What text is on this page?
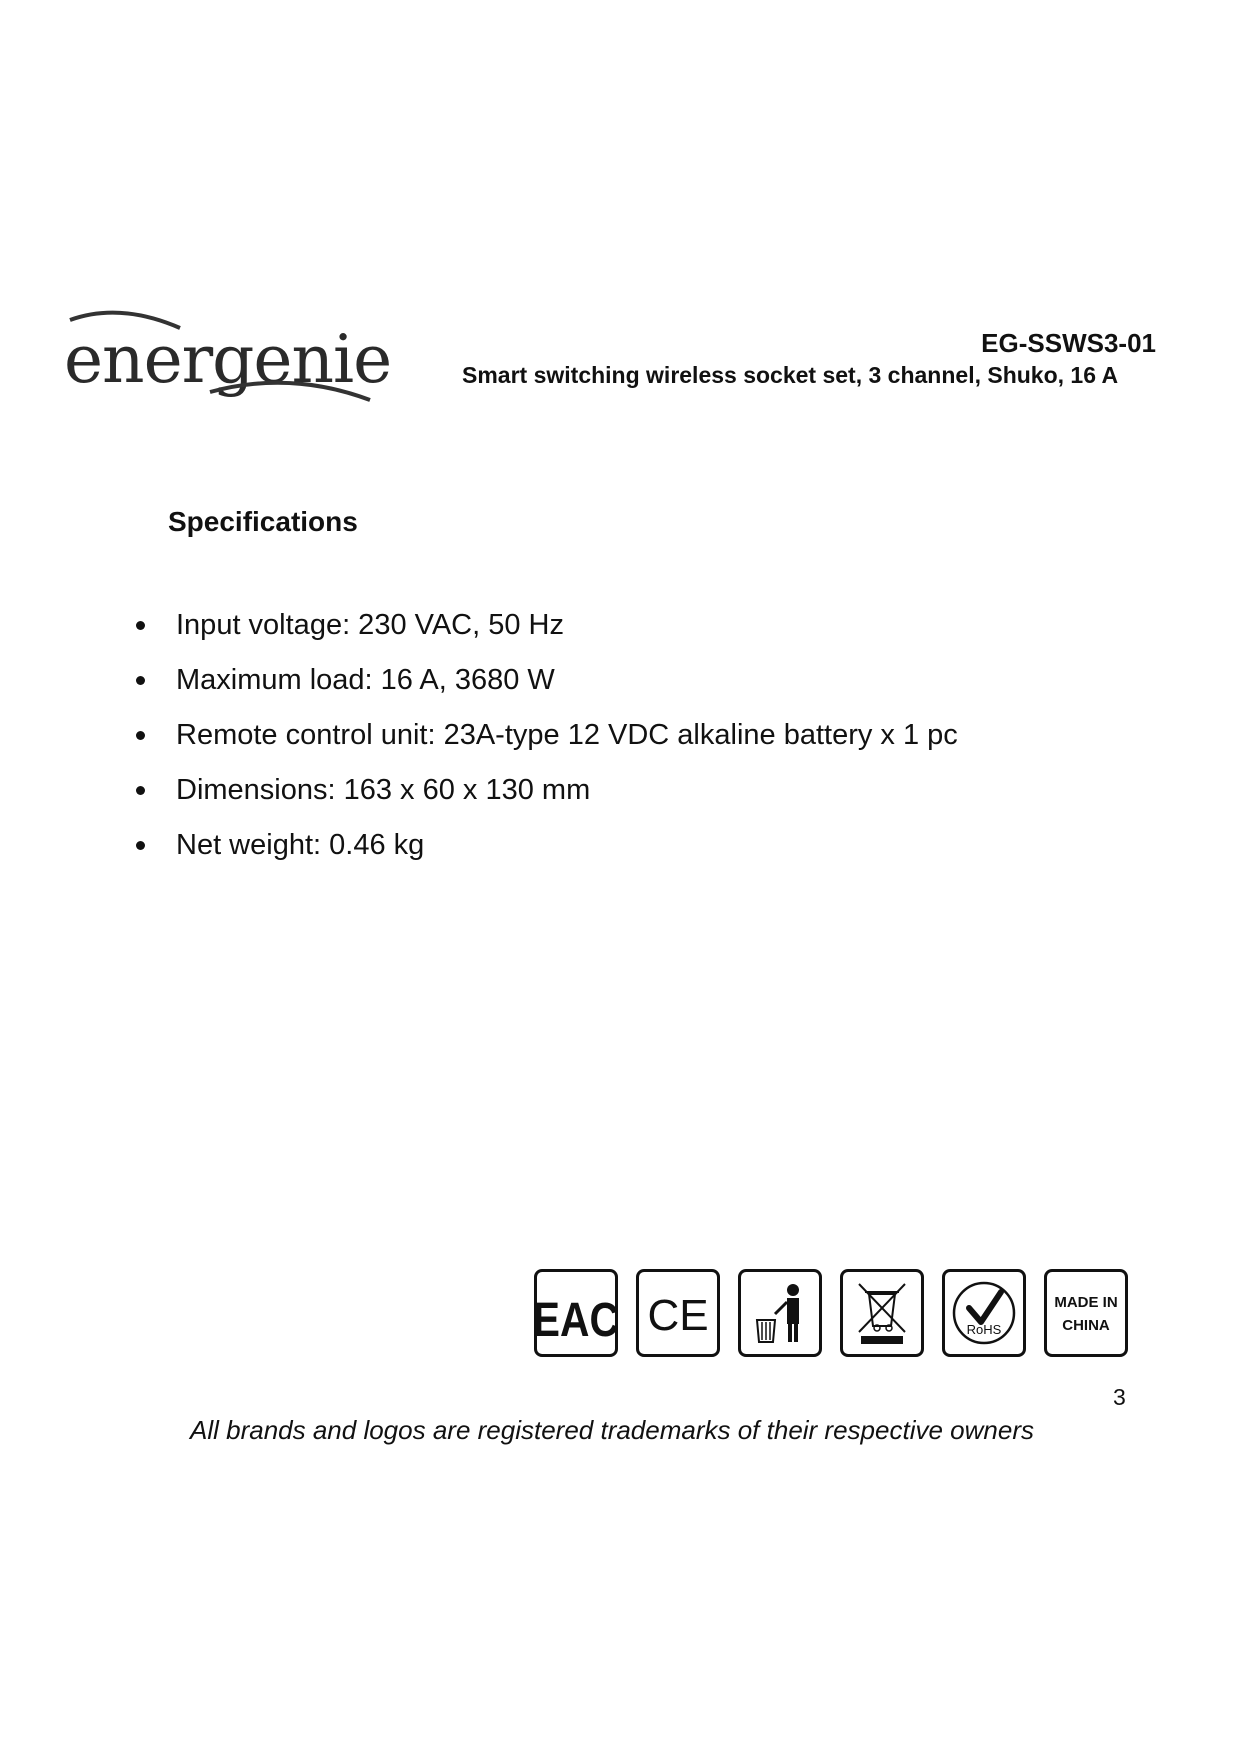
energenie	EG-SSWS3-01
Smart switching wireless socket set, 3 channel, Shuko, 16 A
Specifications
Input voltage: 230 VAC, 50 Hz
Maximum load: 16 A, 3680 W
Remote control unit: 23A-type 12 VDC alkaline battery x 1 pc
Dimensions: 163 x 60 x 130 mm
Net weight: 0.46 kg
EAC CE	RoHS
MADE IN
CHINA
3
All brands and logos are registered trademarks of their respective owners
